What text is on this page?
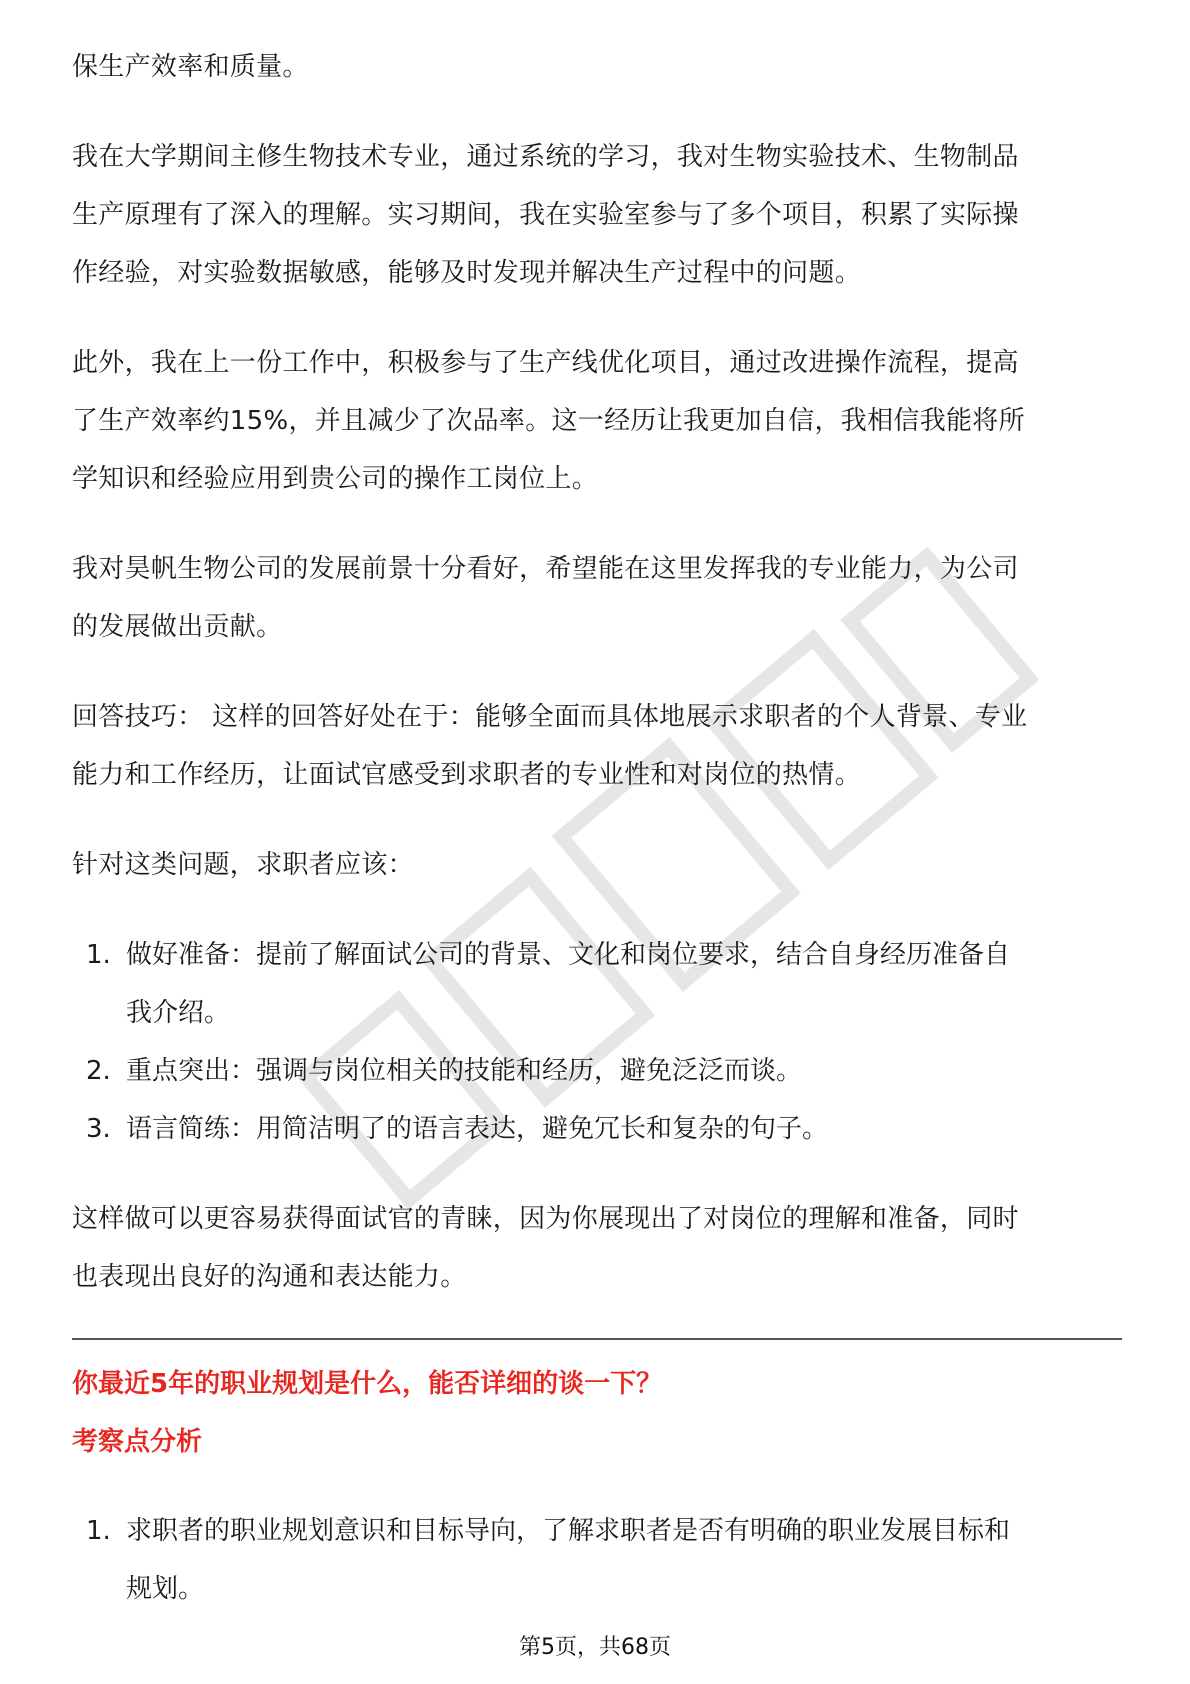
保生产效率和质量。

我在大学期间主修生物技术专业，通过系统的学习，我对生物实验技术、生物制品

生产原理有了深入的理解。实习期间，我在实验室参与了多个项目，积累了实际操

作经验，对实验数据敏感，能够及时发现并解决生产过程中的问题。

此外，我在上一份工作中，积极参与了生产线优化项目，通过改进操作流程，提高

了生产效率约15%，并且减少了次品率。这一经历让我更加自信，我相信我能将所

学知识和经验应用到贵公司的操作工岗位上。

我对昊帆生物公司的发展前景十分看好，希望能在这里发挥我的专业能力，为公司

的发展做出贡献。

回答技巧： 这样的回答好处在于：能够全面而具体地展示求职者的个人背景、专业

能力和工作经历，让面试官感受到求职者的专业性和对岗位的热情。

针对这类问题，求职者应该：

1. 做好准备：提前了解面试公司的背景、文化和岗位要求，结合自身经历准备自
我介绍。
2. 重点突出：强调与岗位相关的技能和经历，避免泛泛而谈。
3. 语言简练：用简洁明了的语言表达，避免冗长和复杂的句子。

这样做可以更容易获得面试官的青睐，因为你展现出了对岗位的理解和准备，同时

也表现出良好的沟通和表达能力。

你最近5年的职业规划是什么，能否详细的谈一下？
考察点分析
1. 求职者的职业规划意识和目标导向，了解求职者是否有明确的职业发展目标和
规划。
第5页，共68页
